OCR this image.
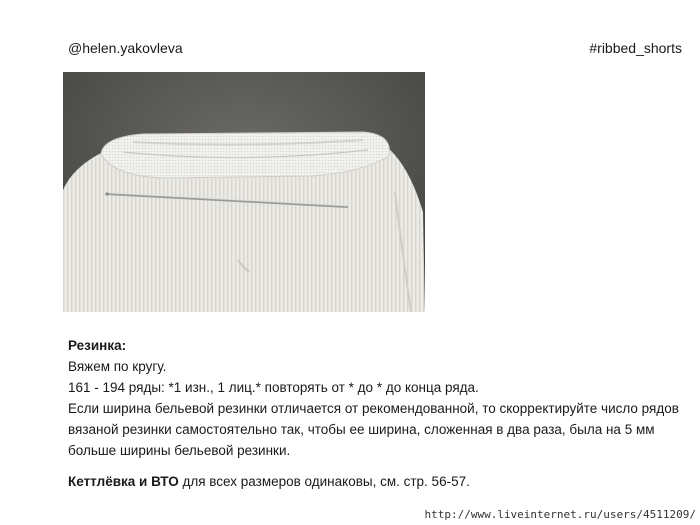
@helen.yakovleva	#ribbed_shorts

Резинка:

Вяжем по кругу.

161 - 194 ряды: *1 изн., 1 лиц.* повторять от * до * до конца ряда.

Если ширина бельевой резинки отличается от рекомендованной, то скорректируйте число рядов

вязаной резинки самостоятельно так, чтобы ее ширина, сложенная в два раза, была на 5 мм

больше ширины бельевой резинки.

Кеттлёвка и ВТО для всех размеров одинаковы, см. стр. 56-57.

http://www.liveinternet.ru/users/4511209/
